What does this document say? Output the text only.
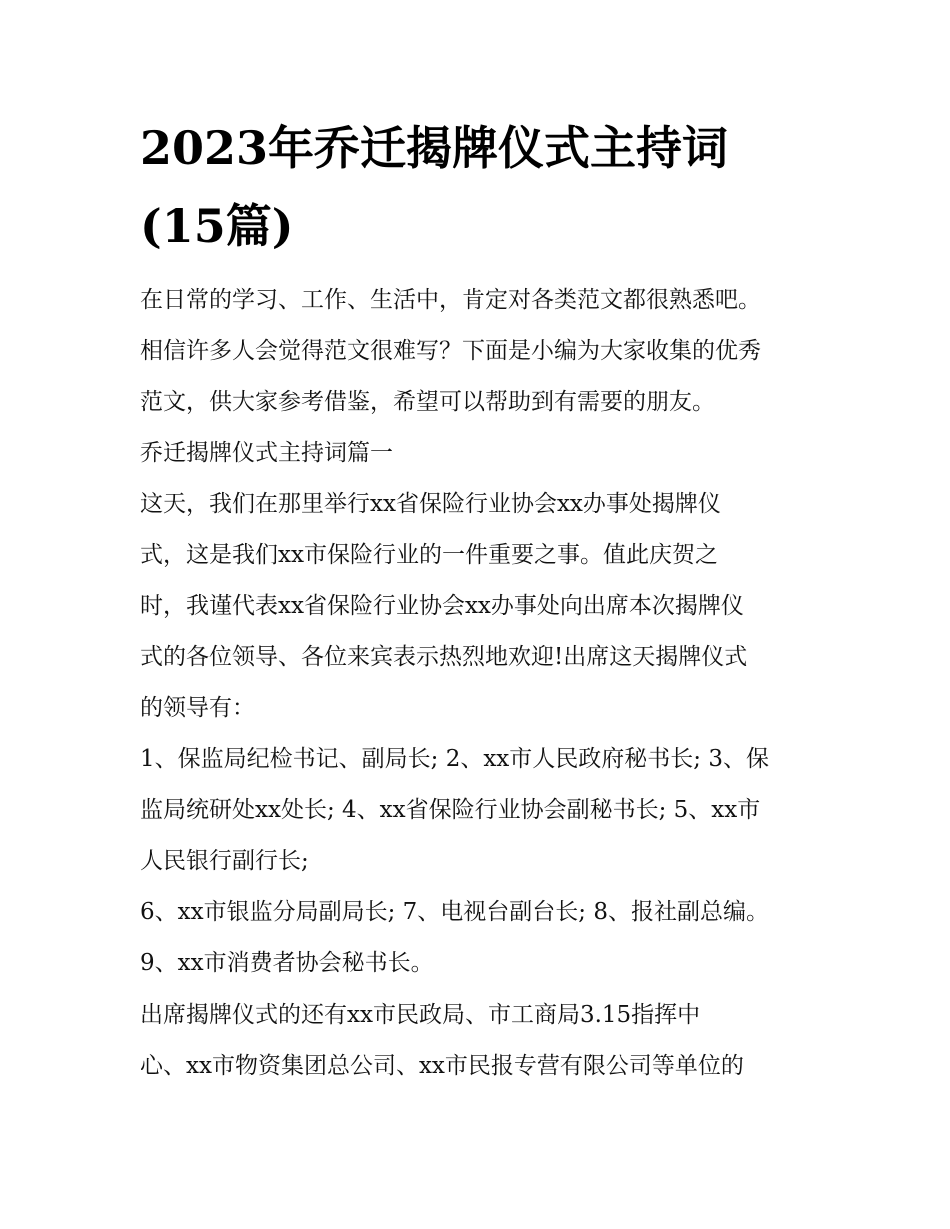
2023年乔迁揭牌仪式主持词
(15篇)
在日常的学习、工作、生活中，肯定对各类范文都很熟悉吧。
相信许多人会觉得范文很难写？下面是小编为大家收集的优秀
范文，供大家参考借鉴，希望可以帮助到有需要的朋友。
乔迁揭牌仪式主持词篇一
这天，我们在那里举行xx省保险行业协会xx办事处揭牌仪
式，这是我们xx市保险行业的一件重要之事。值此庆贺之
时，我谨代表xx省保险行业协会xx办事处向出席本次揭牌仪
式的各位领导、各位来宾表示热烈地欢迎!出席这天揭牌仪式
的领导有：
1、保监局纪检书记、副局长; 2、xx市人民政府秘书长; 3、保
监局统研处xx处长; 4、xx省保险行业协会副秘书长; 5、xx市
人民银行副行长;
6、xx市银监分局副局长; 7、电视台副台长; 8、报社副总编。
9、xx市消费者协会秘书长。
出席揭牌仪式的还有xx市民政局、市工商局3.15指挥中
心、xx市物资集团总公司、xx市民报专营有限公司等单位的
